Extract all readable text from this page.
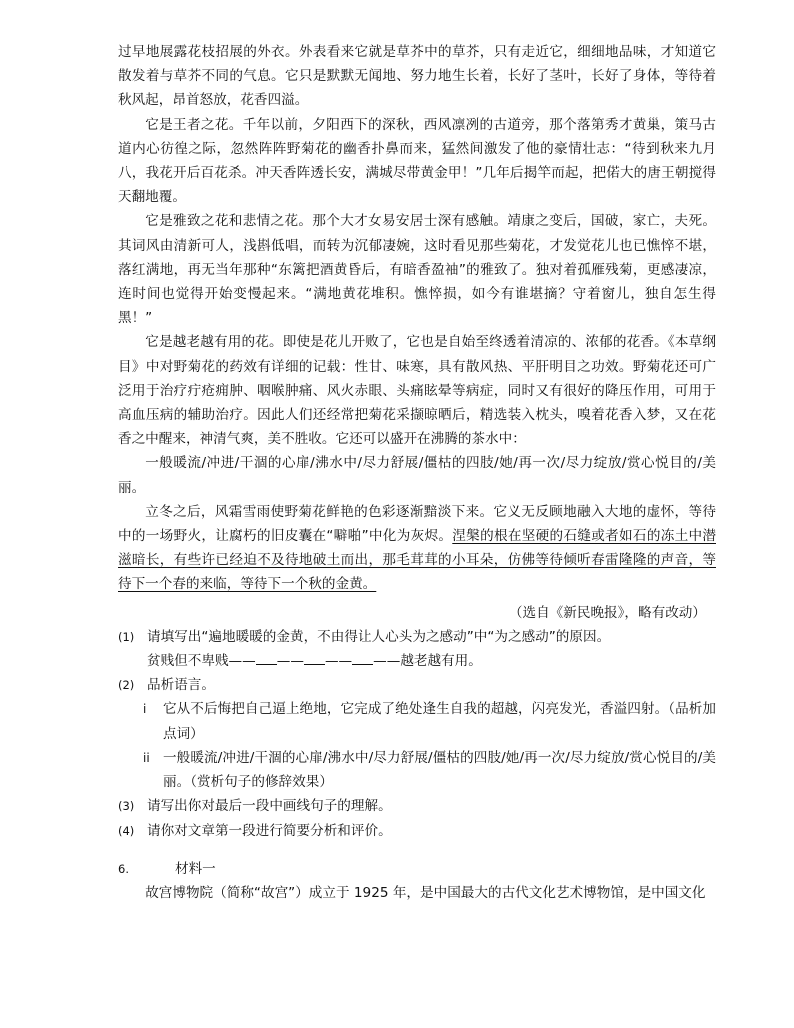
过早地展露花枝招展的外衣。外表看来它就是草芥中的草芥，只有走近它，细细地品味，才知道它散发着与草芥不同的气息。它只是默默无闻地、努力地生长着，长好了茎叶，长好了身体，等待着秋风起，昂首怒放，花香四溢。

它是王者之花。千年以前，夕阳西下的深秋，西风凛冽的古道旁，那个落第秀才黄巢，策马古道内心彷徨之际，忽然阵阵野菊花的幽香扑鼻而来，猛然间激发了他的豪情壮志：“待到秋来九月八，我花开后百花杀。冲天香阵透长安，满城尽带黄金甲！”几年后揭竿而起，把偌大的唐王朝搅得天翻地覆。

它是雅致之花和悲情之花。那个大才女易安居士深有感触。靖康之变后，国破，家亡，夫死。其词风由清新可人，浅斟低唱，而转为沉郁凄婉，这时看见那些菊花，才发觉花儿也已憔悴不堪，落红满地，再无当年那种“东篱把酒黄昏后，有暗香盈袖”的雅致了。独对着孤雁残菊，更感凄凉，连时间也觉得开始变慢起来。“满地黄花堆积。憔悴损，如今有谁堪摘？守着窗儿，独自怎生得黑！”

它是越老越有用的花。即使是花儿开败了，它也是自始至终透着清凉的、浓郁的花香。《本草纲目》中对野菊花的药效有详细的记载：性甘、味寒，具有散风热、平肝明目之功效。野菊花还可广泛用于治疗疔疮痈肿、咽喉肿痛、风火赤眼、头痛眩晕等病症，同时又有很好的降压作用，可用于高血压病的辅助治疗。因此人们还经常把菊花采撷晾晒后，精选装入枕头，嗅着花香入梦，又在花香之中醒来，神清气爽，美不胜收。它还可以盛开在沸腾的茶水中：

一般暖流/冲进/干涸的心扉/沸水中/尽力舒展/僵枯的四肢/她/再一次/尽力绽放/赏心悦目的/美丽。

立冬之后，风霜雪雨使野菊花鲜艳的色彩逐渐黯淡下来。它义无反顾地融入大地的虚怀，等待中的一场野火，让腐朽的旧皮囊在“噼啪”中化为灰烬。涅槃的根在坚硬的石缝或者如石的冻土中潜滋暗长，有些许已经迫不及待地破土而出，那毛茸茸的小耳朵，仿佛等待倾听春雷隆隆的声音，等待下一个春的来临，等待下一个秋的金黄。

（选自《新民晚报》，略有改动）

(1) 请填写出“遍地暖暖的金黄，不由得让人心头为之感动”中“为之感动”的原因。
贫贱但不卑贱—— —— —— ——越老越有用。
(2) 品析语言。
i	它从不后悔把自己逼上绝地，它完成了绝处逢生自我的超越，闪亮发光，香溢四射。（品析加点词）
ii 一般暖流/冲进/干涸的心扉/沸水中/尽力舒展/僵枯的四肢/她/再一次/尽力绽放/赏心悦目的/美丽。（赏析句子的修辞效果）
(3) 请写出你对最后一段中画线句子的理解。
(4) 请你对文章第一段进行简要分析和评价。
6.	材料一

故宫博物院（简称“故宫”）成立于 1925 年，是中国最大的古代文化艺术博物馆，是中国文化
